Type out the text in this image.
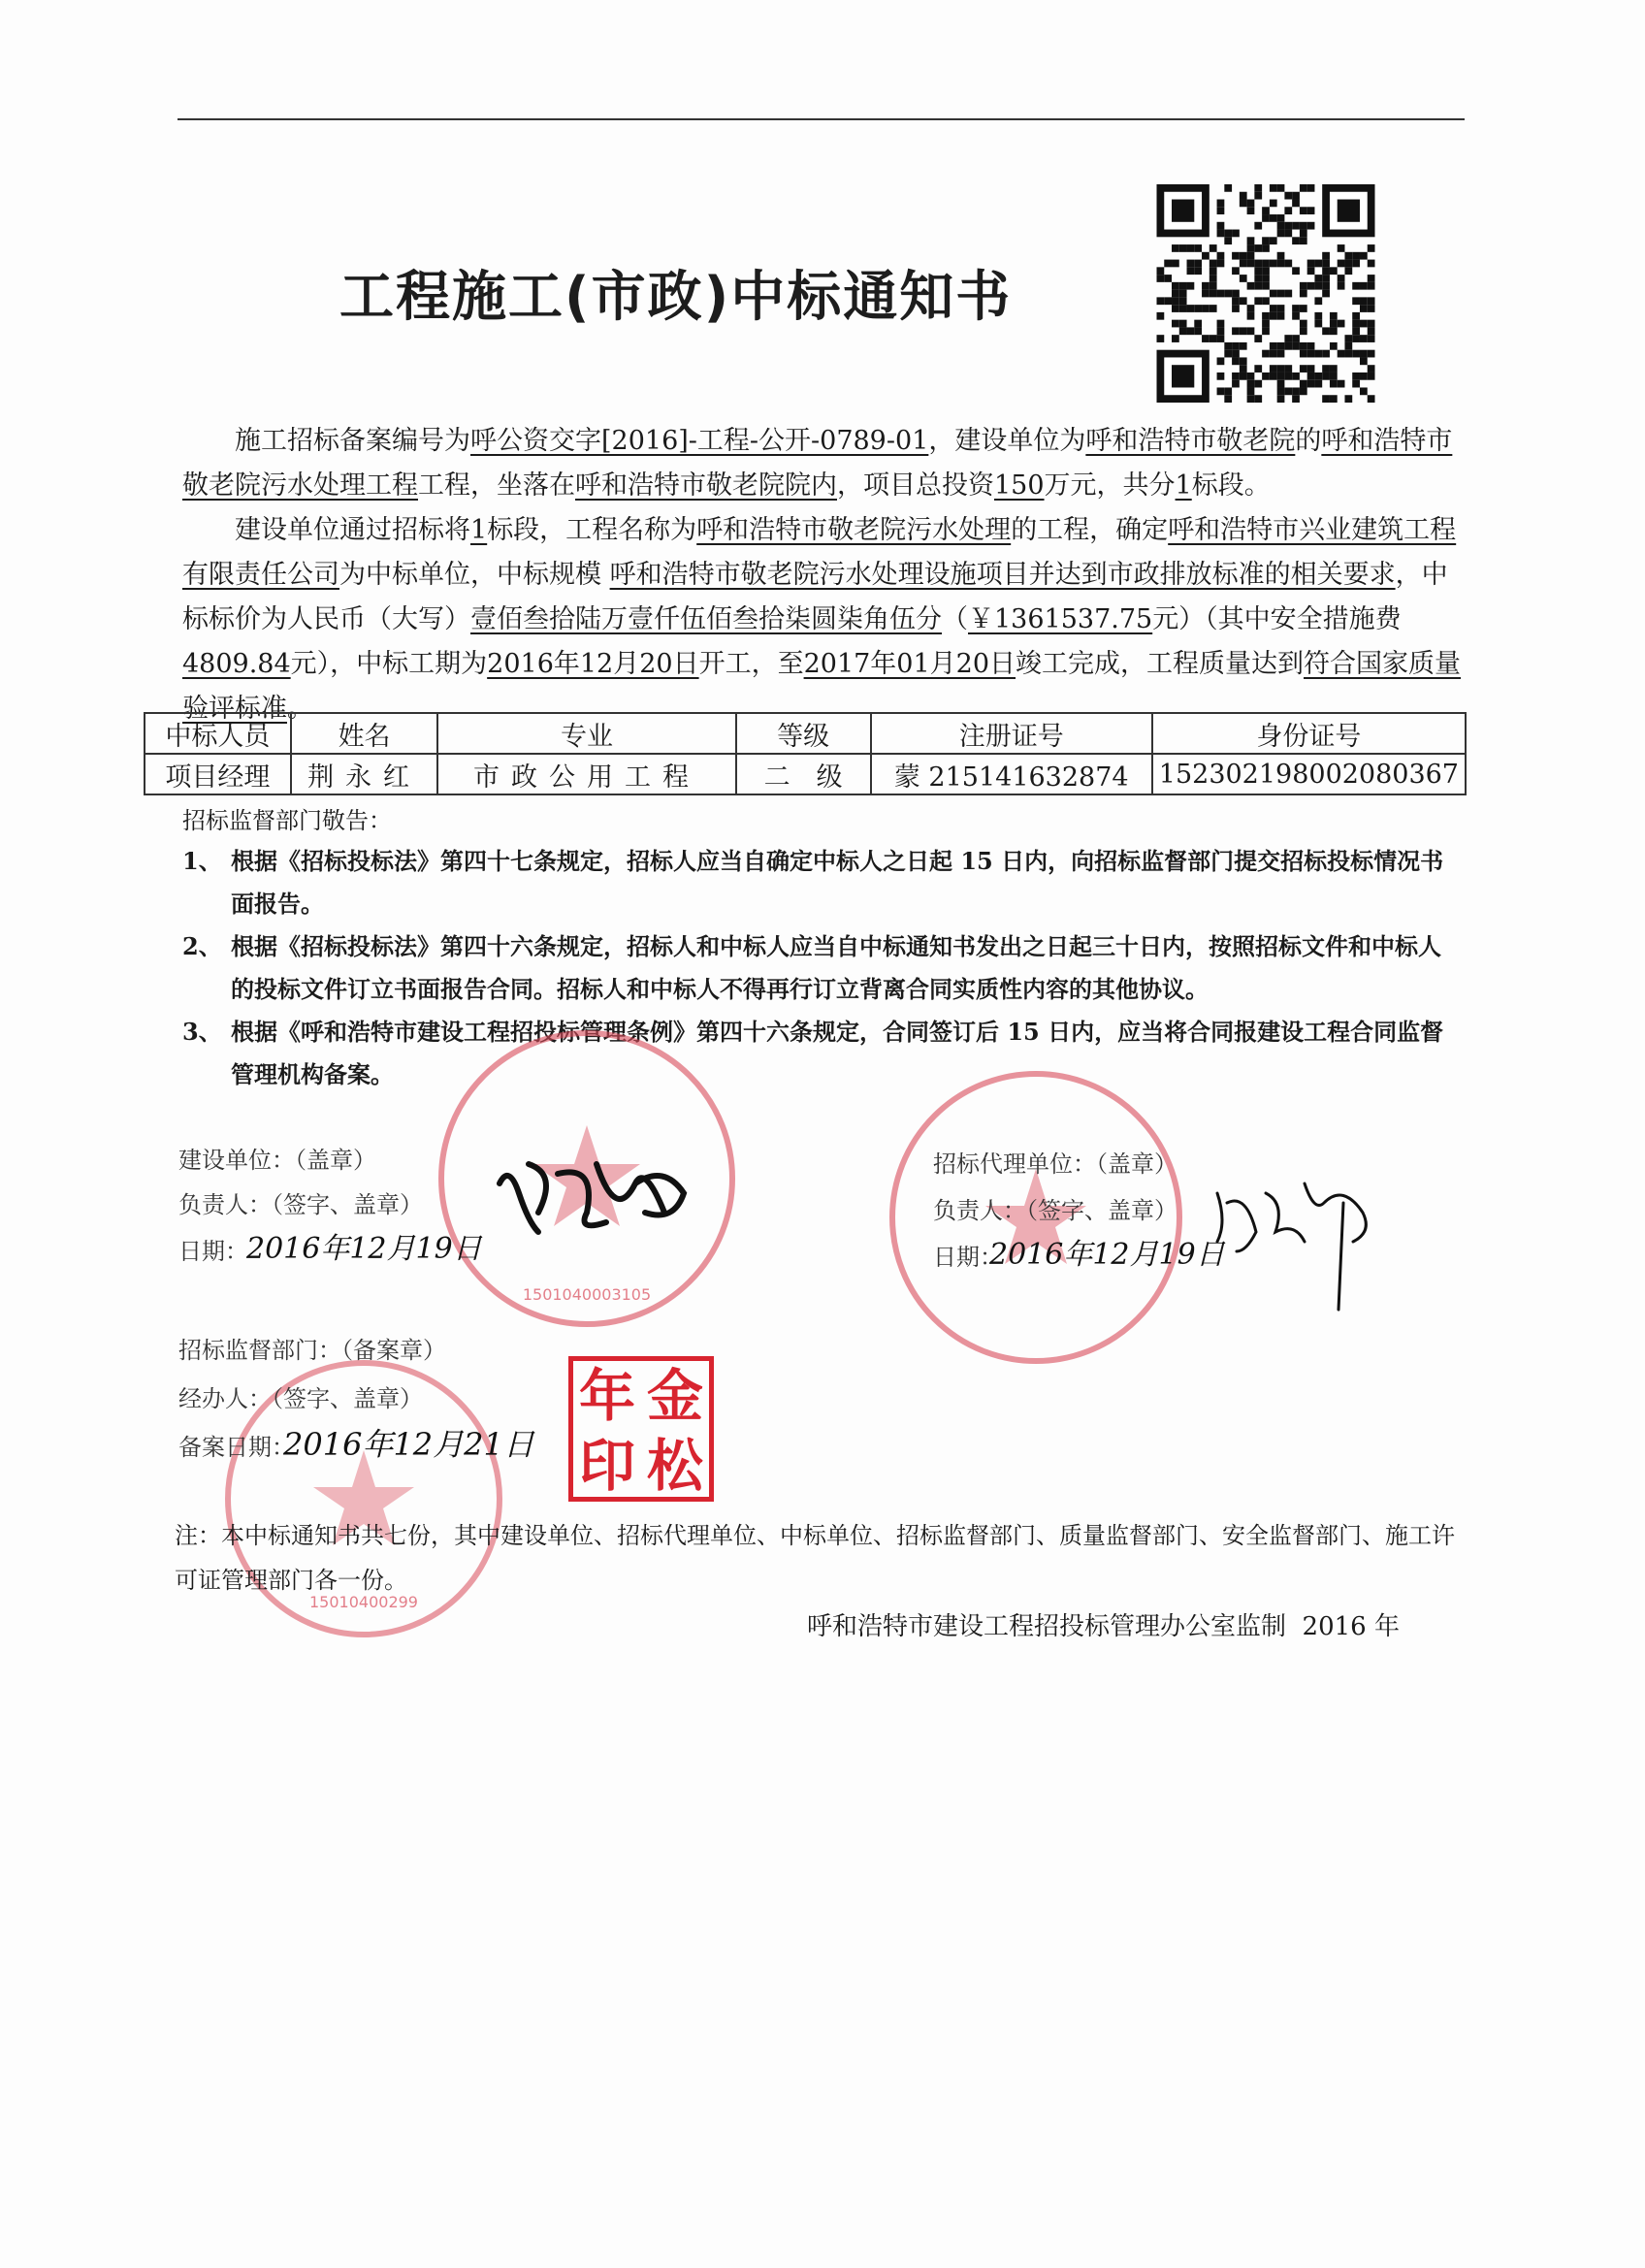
工程施工(市政)中标通知书

施工招标备案编号为呼公资交字[2016]-工程-公开-0789-01，建设单位为呼和浩特市敬老院的呼和浩特市敬老院污水处理工程工程，坐落在呼和浩特市敬老院院内，项目总投资150万元，共分1标段。

建设单位通过招标将1标段，工程名称为呼和浩特市敬老院污水处理的工程，确定呼和浩特市兴业建筑工程有限责任公司为中标单位，中标规模 呼和浩特市敬老院污水处理设施项目并达到市政排放标准的相关要求，中标标价为人民币（大写）壹佰叁拾陆万壹仟伍佰叁拾柒圆柒角伍分（￥1361537.75元）（其中安全措施费4809.84元），中标工期为2016年12月20日开工，至2017年01月20日竣工完成，工程质量达到符合国家质量验评标准。

中标人员	姓名	专业	等级	注册证号	身份证号
项目经理	荆永红	市政公用工程	二　级	蒙 215141632874	152302198002080367
招标监督部门敬告：
1、 根据《招标投标法》第四十七条规定，招标人应当自确定中标人之日起 15 日内，向招标监督部门提交招标投标情况书面报告。
2、 根据《招标投标法》第四十六条规定，招标人和中标人应当自中标通知书发出之日起三十日内，按照招标文件和中标人的投标文件订立书面报告合同。招标人和中标人不得再行订立背离合同实质性内容的其他协议。
3、 根据《呼和浩特市建设工程招投标管理条例》第四十六条规定，合同签订后 15 日内，应当将合同报建设工程合同监督管理机构备案。
1501040003105
15010400299
年 金
印 松
建设单位：（盖章）
负责人：（签字、盖章）
日期：
2016年12月19日
招标代理单位：（盖章）
负责人：（签字、盖章）
日期：
2016年12月19日
招标监督部门：（备案章）
经办人：（签字、盖章）
备案日期：
2016年12月21日
注：本中标通知书共七份，其中建设单位、招标代理单位、中标单位、招标监督部门、质量监督部门、安全监督部门、施工许可证管理部门各一份。
呼和浩特市建设工程招投标管理办公室监制 2016 年
